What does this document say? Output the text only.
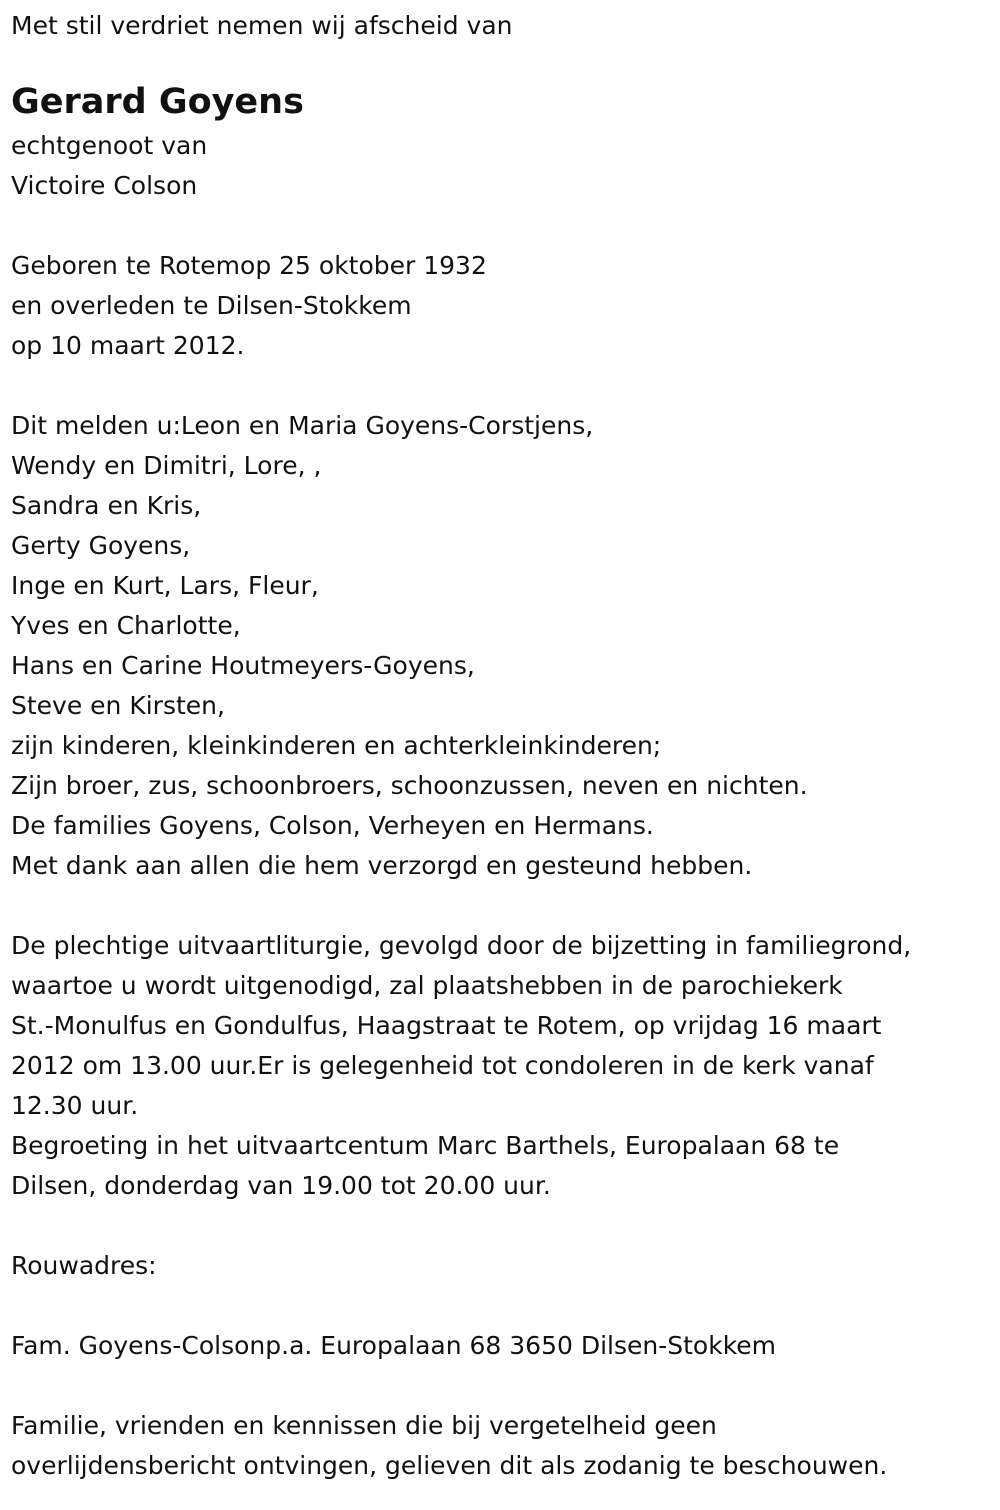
Met stil verdriet nemen wij afscheid van
Gerard Goyens
echtgenoot van
Victoire Colson
Geboren te Rotemop 25 oktober 1932
en overleden te Dilsen-Stokkem
op 10 maart 2012.
Dit melden u:Leon en Maria Goyens-Corstjens,
Wendy en Dimitri, Lore, ,
Sandra en Kris,
Gerty Goyens,
Inge en Kurt, Lars, Fleur,
Yves en Charlotte,
Hans en Carine Houtmeyers-Goyens,
Steve en Kirsten,
zijn kinderen, kleinkinderen en achterkleinkinderen;
Zijn broer, zus, schoonbroers, schoonzussen, neven en nichten.
De families Goyens, Colson, Verheyen en Hermans.
Met dank aan allen die hem verzorgd en gesteund hebben.
De plechtige uitvaartliturgie, gevolgd door de bijzetting in familiegrond,
waartoe u wordt uitgenodigd, zal plaatshebben in de parochiekerk
St.-Monulfus en Gondulfus, Haagstraat te Rotem, op vrijdag 16 maart
2012 om 13.00 uur.Er is gelegenheid tot condoleren in de kerk vanaf
12.30 uur.
Begroeting in het uitvaartcentum Marc Barthels, Europalaan 68 te
Dilsen, donderdag van 19.00 tot 20.00 uur.
Rouwadres:
Fam. Goyens-Colsonp.a. Europalaan 68 3650 Dilsen-Stokkem
Familie, vrienden en kennissen die bij vergetelheid geen
overlijdensbericht ontvingen, gelieven dit als zodanig te beschouwen.
